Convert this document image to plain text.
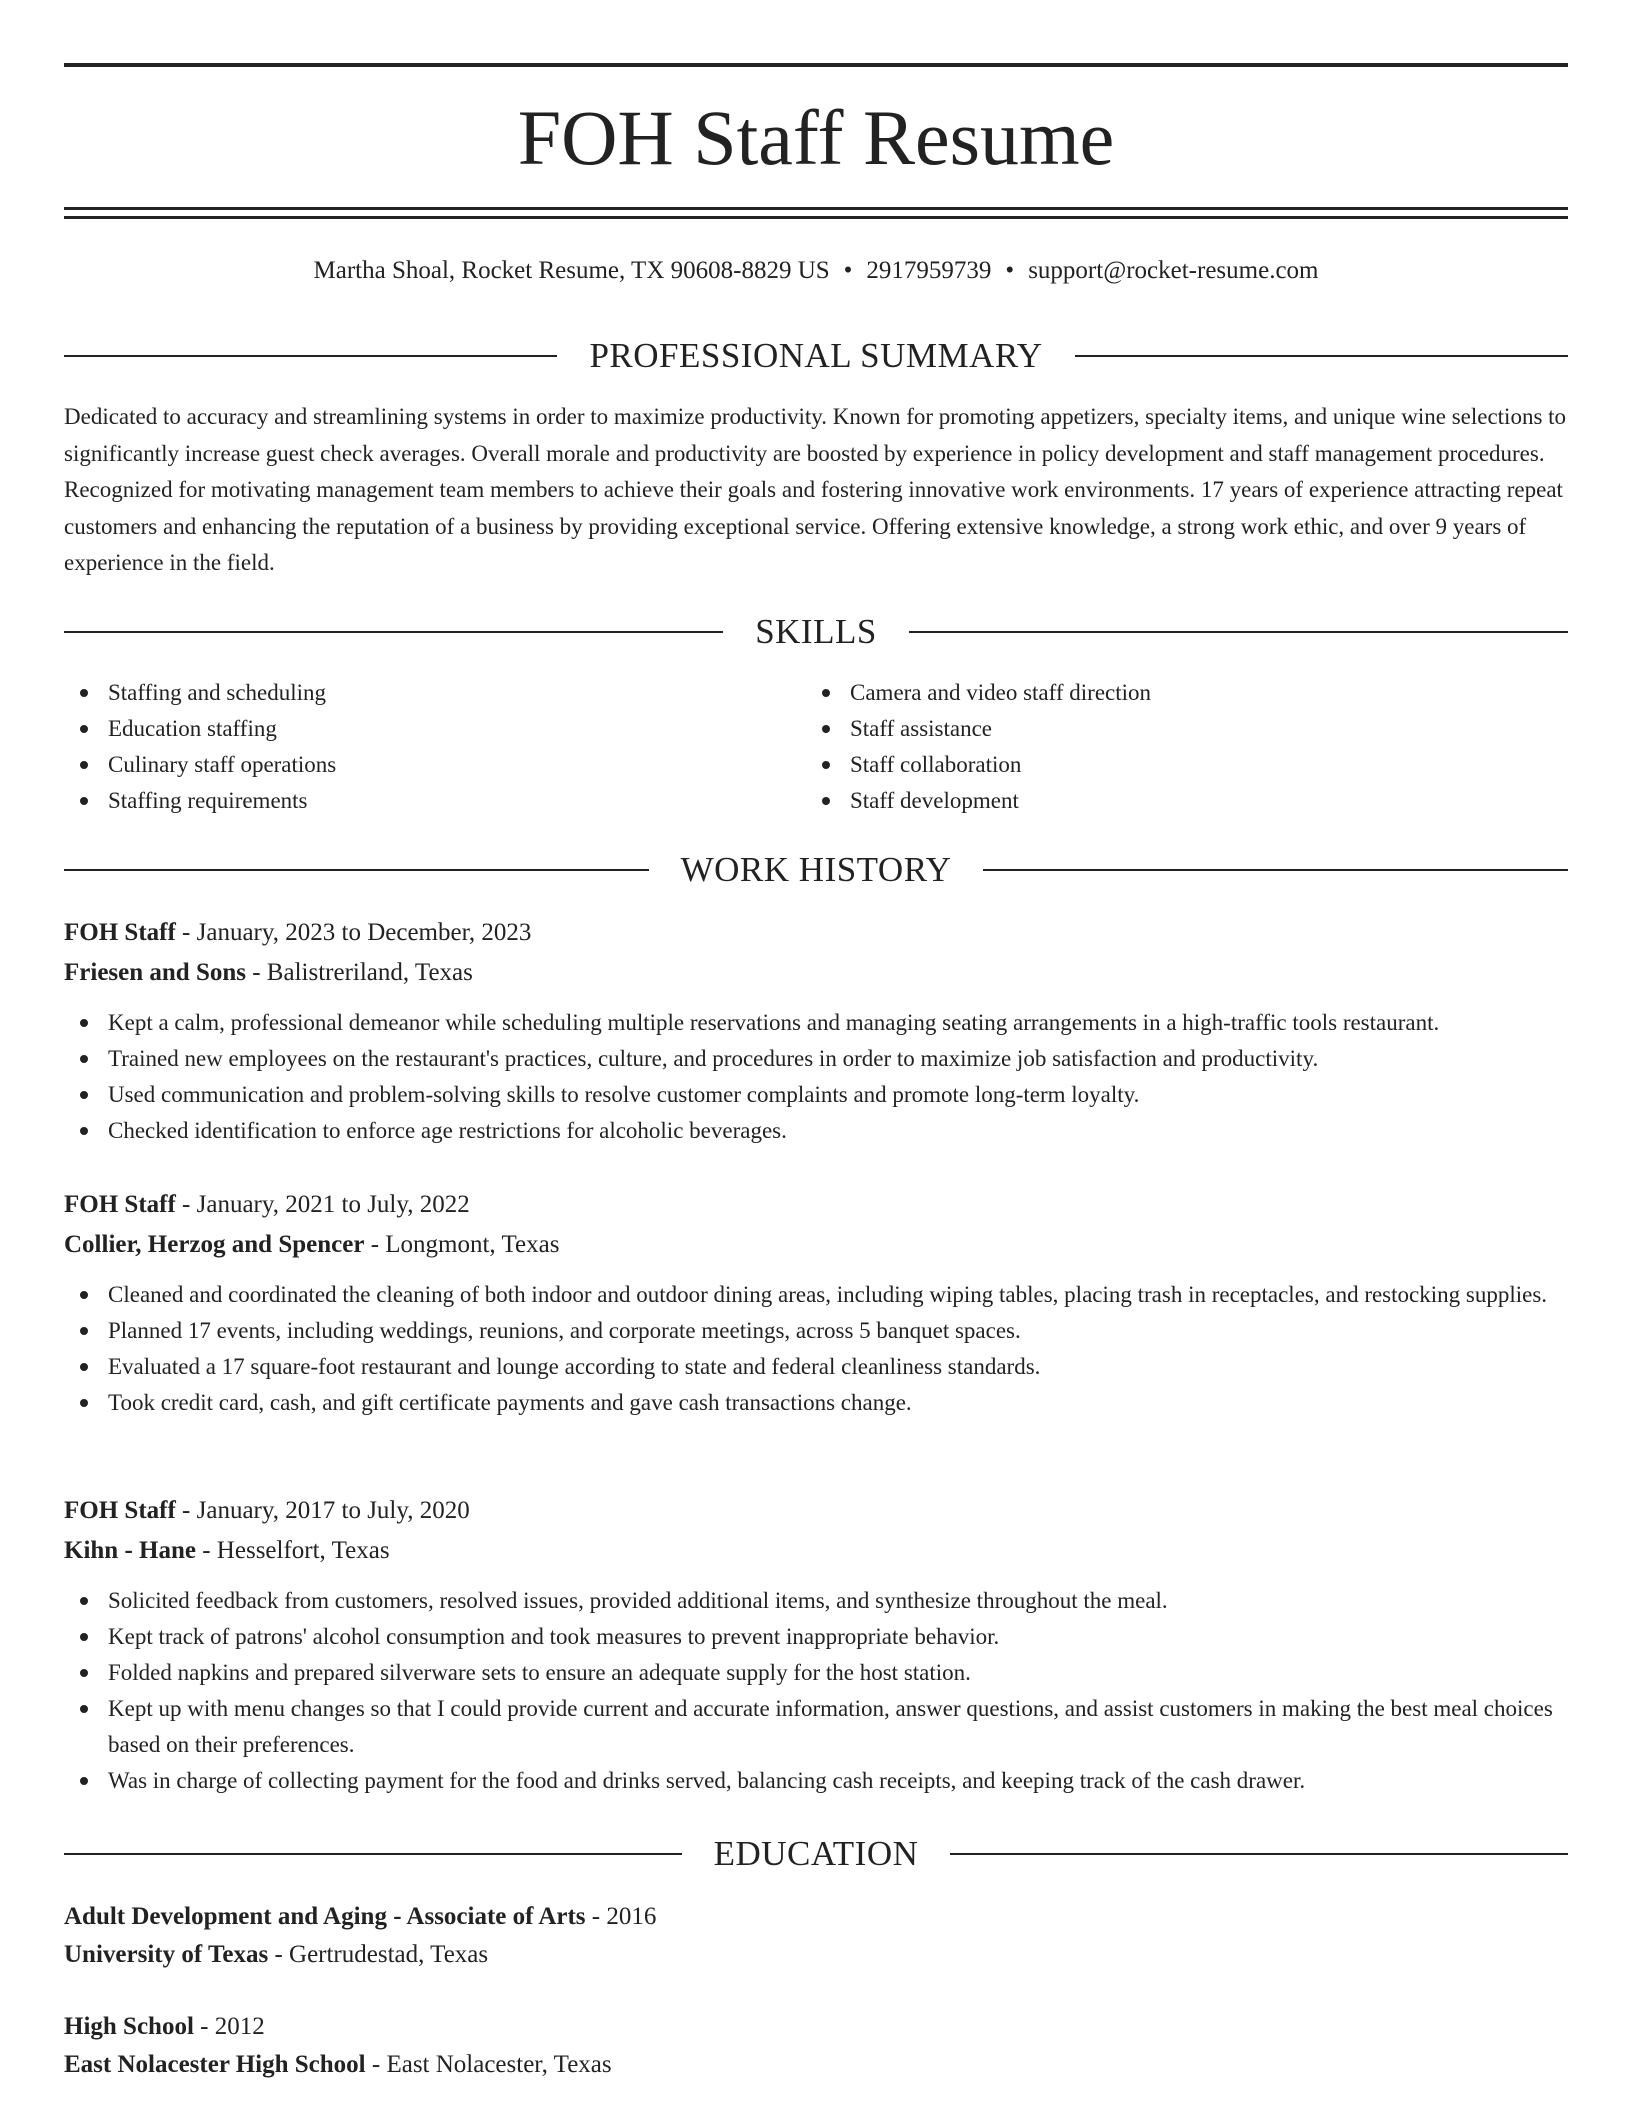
FOH Staff Resume
Martha Shoal, Rocket Resume, TX 90608-8829 US • 2917959739 • support@rocket-resume.com
PROFESSIONAL SUMMARY

Dedicated to accuracy and streamlining systems in order to maximize productivity. Known for promoting appetizers, specialty items, and unique wine selections to significantly increase guest check averages. Overall morale and productivity are boosted by experience in policy development and staff management procedures. Recognized for motivating management team members to achieve their goals and fostering innovative work environments. 17 years of experience attracting repeat customers and enhancing the reputation of a business by providing exceptional service. Offering extensive knowledge, a strong work ethic, and over 9 years of experience in the field.

SKILLS
Staffing and scheduling
Education staffing
Culinary staff operations
Staffing requirements
Camera and video staff direction
Staff assistance
Staff collaboration
Staff development
WORK HISTORY
FOH Staff - January, 2023 to December, 2023
Friesen and Sons - Balistreriland, Texas
Kept a calm, professional demeanor while scheduling multiple reservations and managing seating arrangements in a high-traffic tools restaurant.
Trained new employees on the restaurant's practices, culture, and procedures in order to maximize job satisfaction and productivity.
Used communication and problem-solving skills to resolve customer complaints and promote long-term loyalty.
Checked identification to enforce age restrictions for alcoholic beverages.
FOH Staff - January, 2021 to July, 2022
Collier, Herzog and Spencer - Longmont, Texas
Cleaned and coordinated the cleaning of both indoor and outdoor dining areas, including wiping tables, placing trash in receptacles, and restocking supplies.
Planned 17 events, including weddings, reunions, and corporate meetings, across 5 banquet spaces.
Evaluated a 17 square-foot restaurant and lounge according to state and federal cleanliness standards.
Took credit card, cash, and gift certificate payments and gave cash transactions change.
FOH Staff - January, 2017 to July, 2020
Kihn - Hane - Hesselfort, Texas
Solicited feedback from customers, resolved issues, provided additional items, and synthesize throughout the meal.
Kept track of patrons' alcohol consumption and took measures to prevent inappropriate behavior.
Folded napkins and prepared silverware sets to ensure an adequate supply for the host station.
Kept up with menu changes so that I could provide current and accurate information, answer questions, and assist customers in making the best meal choices based on their preferences.
Was in charge of collecting payment for the food and drinks served, balancing cash receipts, and keeping track of the cash drawer.
EDUCATION
Adult Development and Aging - Associate of Arts - 2016
University of Texas - Gertrudestad, Texas
High School - 2012
East Nolacester High School - East Nolacester, Texas
